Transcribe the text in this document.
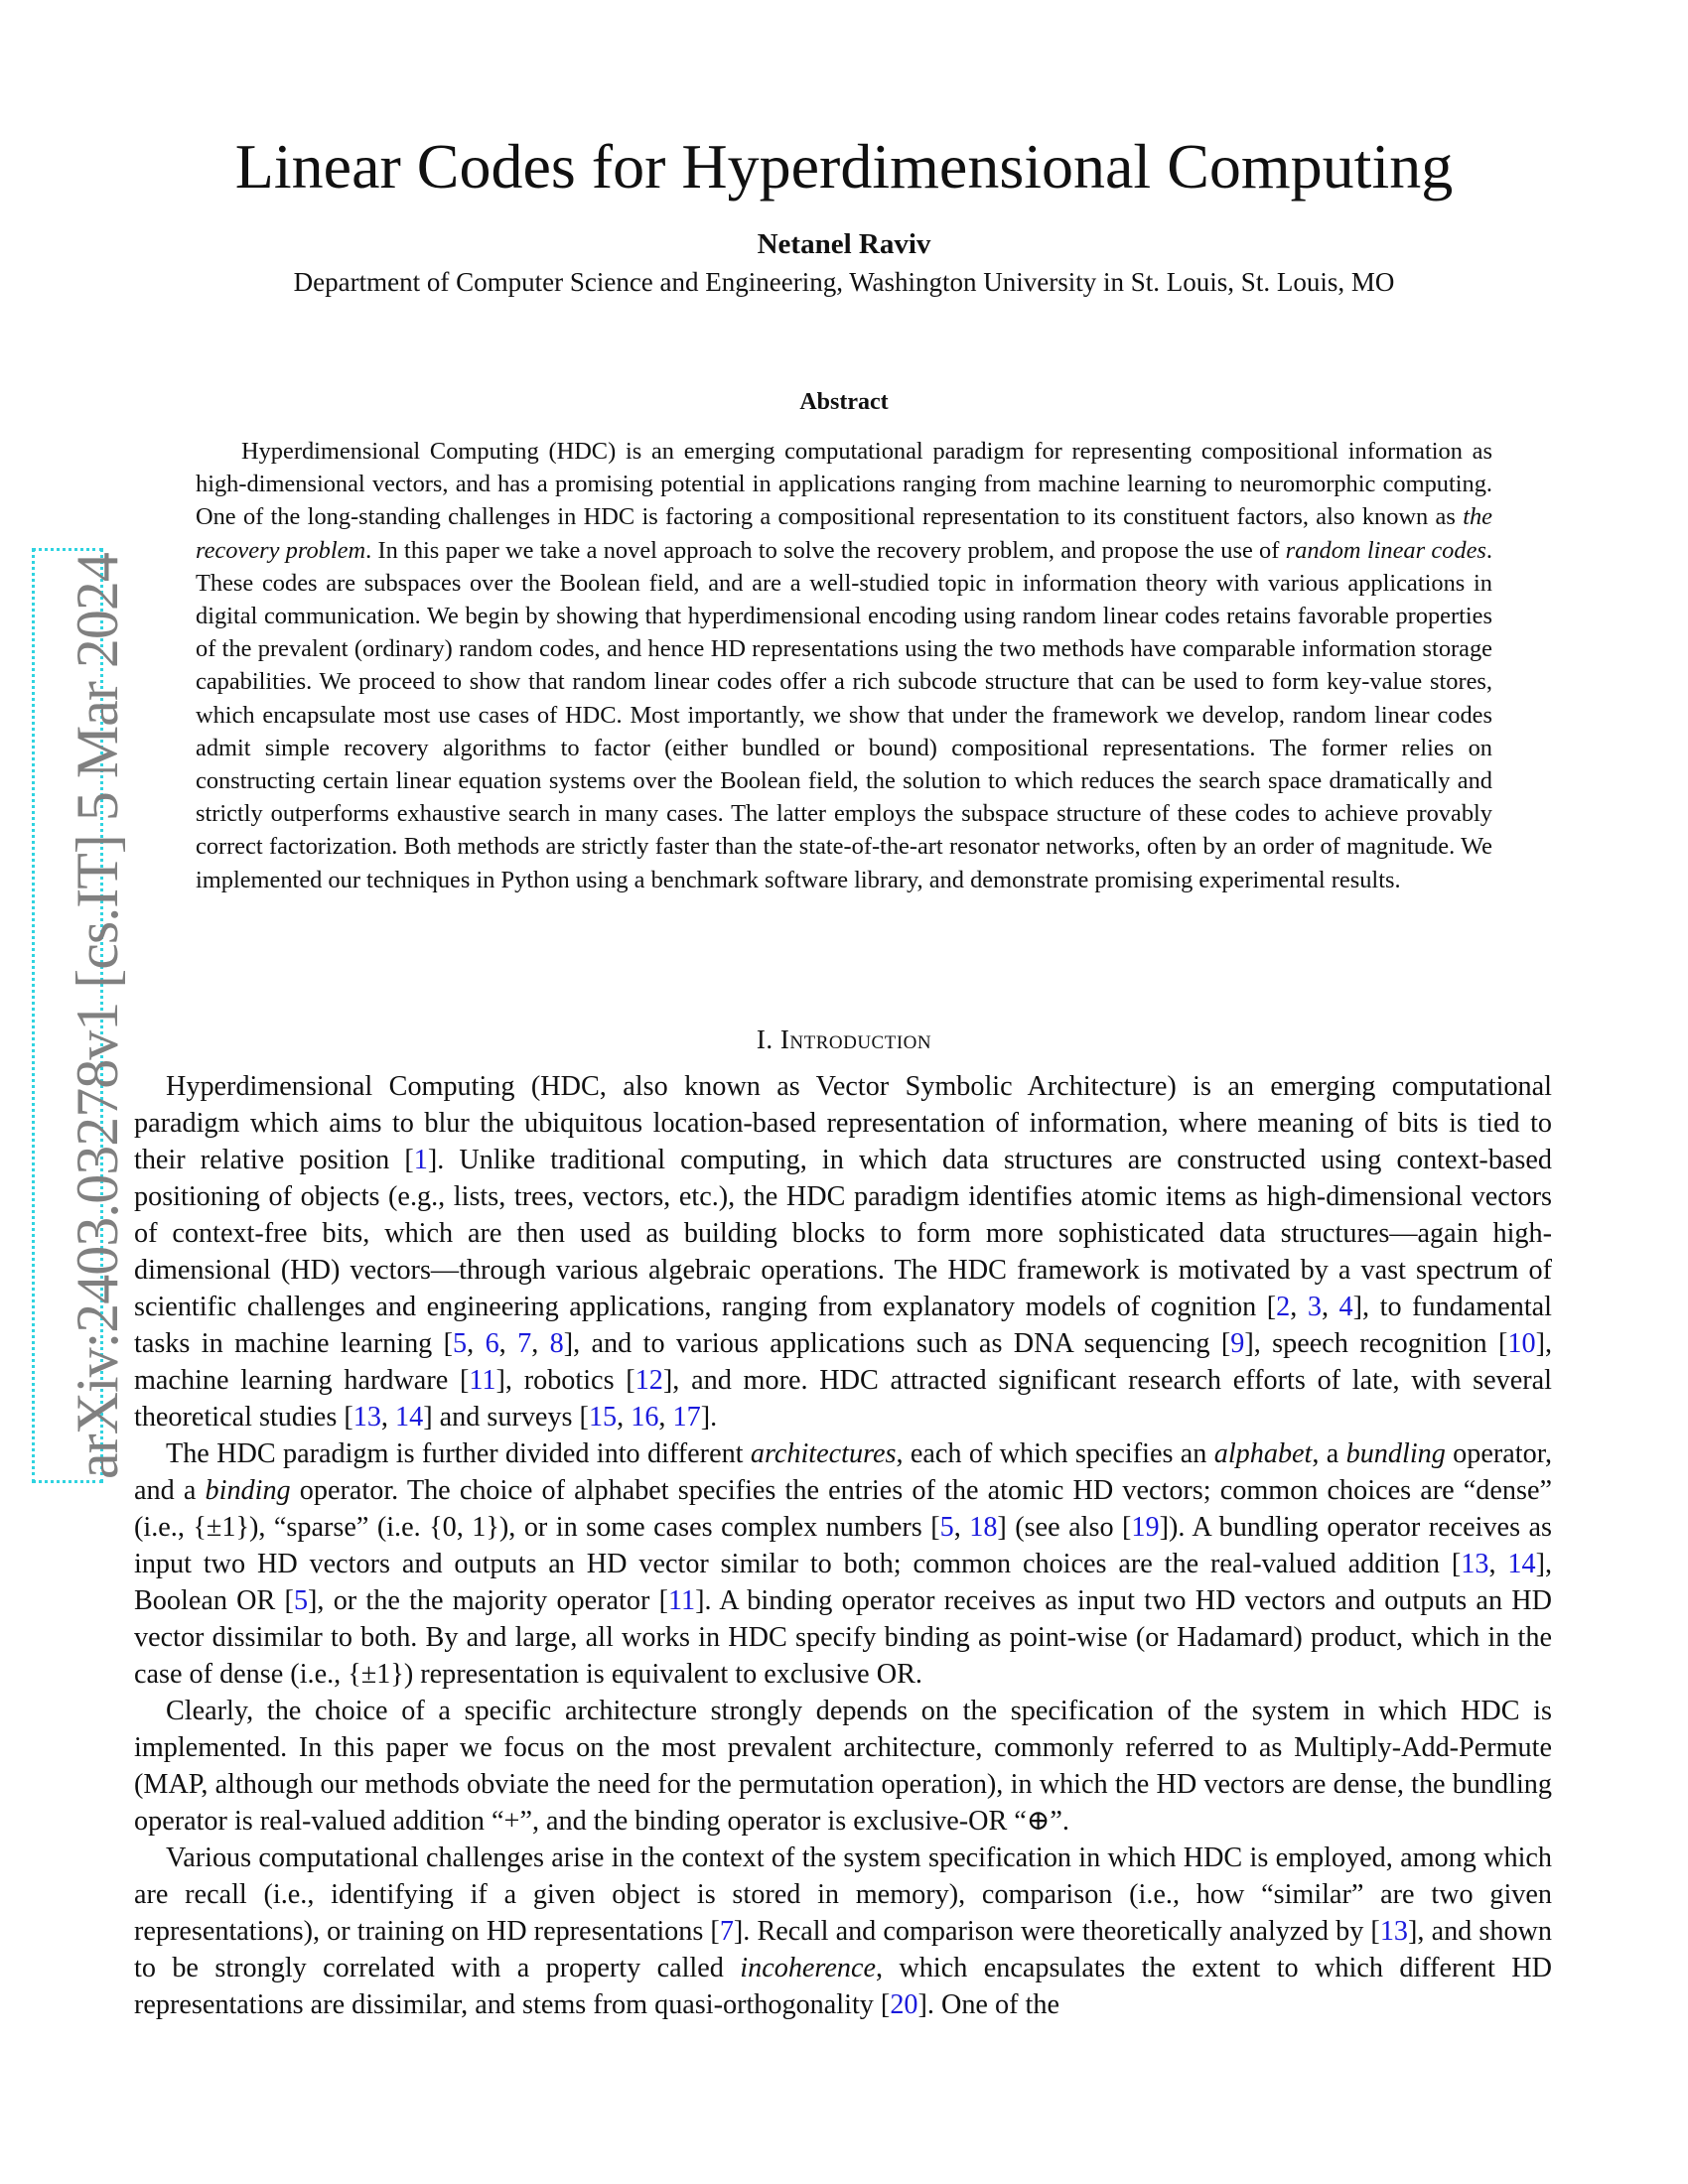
arXiv:2403.03278v1 [cs.IT] 5 Mar 2024
Linear Codes for Hyperdimensional Computing
Netanel Raviv
Department of Computer Science and Engineering, Washington University in St. Louis, St. Louis, MO
Abstract

Hyperdimensional Computing (HDC) is an emerging computational paradigm for representing compositional information as high-dimensional vectors, and has a promising potential in applications ranging from machine learning to neuromorphic computing. One of the long-standing challenges in HDC is factoring a compositional representation to its constituent factors, also known as the recovery problem. In this paper we take a novel approach to solve the recovery problem, and propose the use of random linear codes. These codes are subspaces over the Boolean field, and are a well-studied topic in information theory with various applications in digital communication. We begin by showing that hyperdimensional encoding using random linear codes retains favorable properties of the prevalent (ordinary) random codes, and hence HD representations using the two methods have comparable information storage capabilities. We proceed to show that random linear codes offer a rich subcode structure that can be used to form key-value stores, which encapsulate most use cases of HDC. Most importantly, we show that under the framework we develop, random linear codes admit simple recovery algorithms to factor (either bundled or bound) compositional representations. The former relies on constructing certain linear equation systems over the Boolean field, the solution to which reduces the search space dramatically and strictly outperforms exhaustive search in many cases. The latter employs the subspace structure of these codes to achieve provably correct factorization. Both methods are strictly faster than the state-of-the-art resonator networks, often by an order of magnitude. We implemented our techniques in Python using a benchmark software library, and demonstrate promising experimental results.

I. Introduction

Hyperdimensional Computing (HDC, also known as Vector Symbolic Architecture) is an emerging computational paradigm which aims to blur the ubiquitous location-based representation of information, where meaning of bits is tied to their relative position [1]. Unlike traditional computing, in which data structures are constructed using context-based positioning of objects (e.g., lists, trees, vectors, etc.), the HDC paradigm identifies atomic items as high-dimensional vectors of context-free bits, which are then used as building blocks to form more sophisticated data structures—again high-dimensional (HD) vectors—through various algebraic operations. The HDC framework is motivated by a vast spectrum of scientific challenges and engineering applications, ranging from explanatory models of cognition [2, 3, 4], to fundamental tasks in machine learning [5, 6, 7, 8], and to various applications such as DNA sequencing [9], speech recognition [10], machine learning hardware [11], robotics [12], and more. HDC attracted significant research efforts of late, with several theoretical studies [13, 14] and surveys [15, 16, 17].

The HDC paradigm is further divided into different architectures, each of which specifies an alphabet, a bundling operator, and a binding operator. The choice of alphabet specifies the entries of the atomic HD vectors; common choices are “dense” (i.e., {±1}), “sparse” (i.e. {0, 1}), or in some cases complex numbers [5, 18] (see also [19]). A bundling operator receives as input two HD vectors and outputs an HD vector similar to both; common choices are the real-valued addition [13, 14], Boolean OR [5], or the the majority operator [11]. A binding operator receives as input two HD vectors and outputs an HD vector dissimilar to both. By and large, all works in HDC specify binding as point-wise (or Hadamard) product, which in the case of dense (i.e., {±1}) representation is equivalent to exclusive OR.

Clearly, the choice of a specific architecture strongly depends on the specification of the system in which HDC is implemented. In this paper we focus on the most prevalent architecture, commonly referred to as Multiply-Add-Permute (MAP, although our methods obviate the need for the permutation operation), in which the HD vectors are dense, the bundling operator is real-valued addition “+”, and the binding operator is exclusive-OR “⊕”.

Various computational challenges arise in the context of the system specification in which HDC is employed, among which are recall (i.e., identifying if a given object is stored in memory), comparison (i.e., how “similar” are two given representations), or training on HD representations [7]. Recall and comparison were theoretically analyzed by [13], and shown to be strongly correlated with a property called incoherence, which encapsulates the extent to which different HD representations are dissimilar, and stems from quasi-orthogonality [20]. One of the
